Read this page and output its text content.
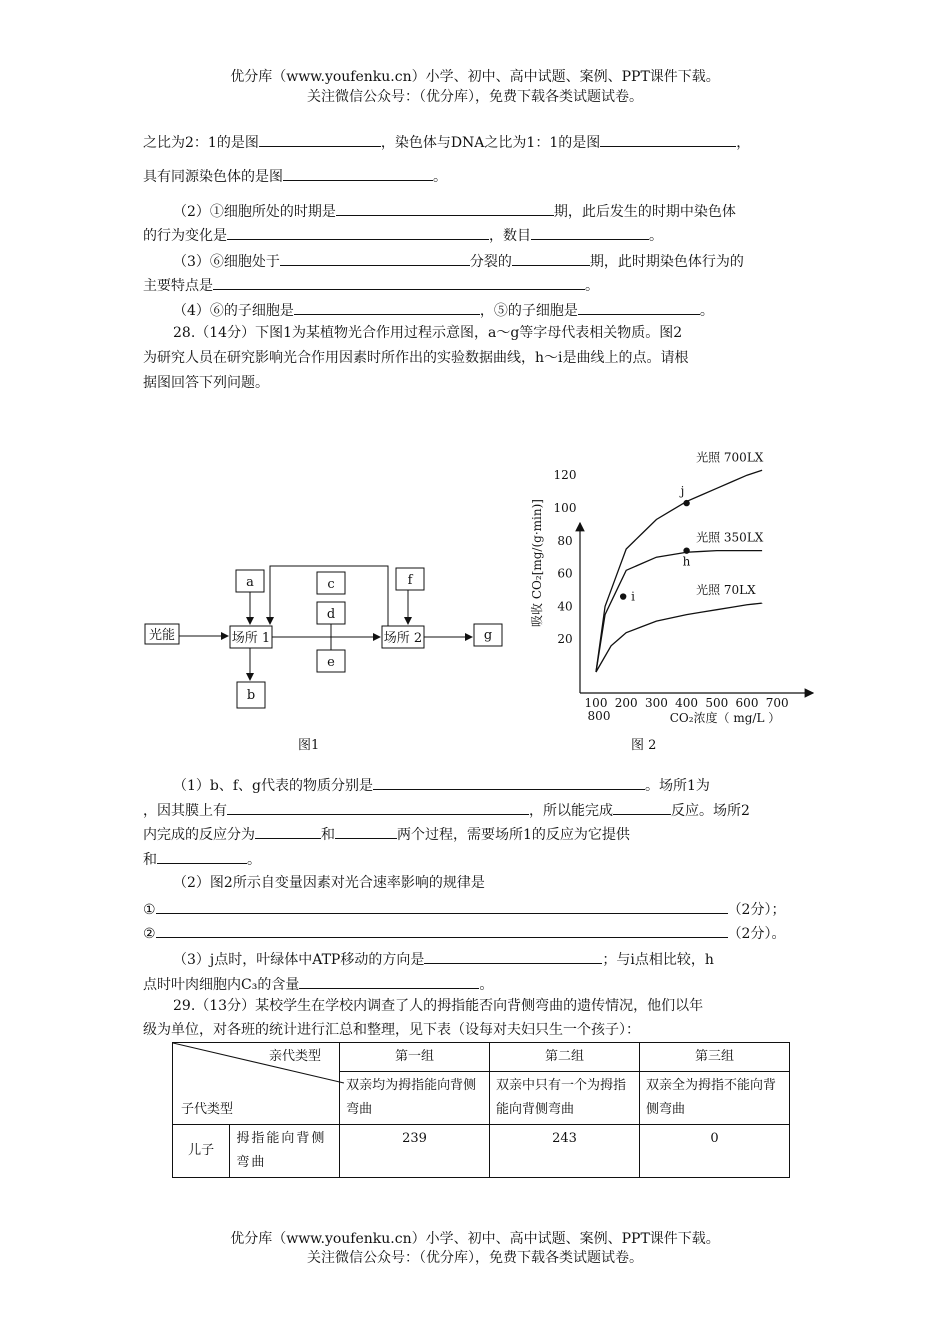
优分库（www.youfenku.cn）小学、初中、高中试题、案例、PPT课件下载。
关注微信公众号：（优分库），免费下载各类试题试卷。
之比为2：1的是图	，染色体与DNA之比为1：1的是图	，
具有同源染色体的是图	。
（2）①细胞所处的时期是	期，此后发生的时期中染色体
的行为变化是	，数目	。
（3）⑥细胞处于	分裂的	期，此时期染色体行为的
主要特点是	。
（4）⑥的子细胞是	，⑤的子细胞是	。
28.（14分）下图1为某植物光合作用过程示意图，a～g等字母代表相关物质。图2
为研究人员在研究影响光合作用因素时所作出的实验数据曲线，h～i是曲线上的点。请根
据图回答下列问题。
光能
a
场所 1
b
c
d
e
场所 2
f
g
图1
吸收 CO₂[mg/(g·min)]
CO₂浓度（ mg/L ）
800
100 200 300 400 500 600 700
20
40
60
80
100
120
光照 700LX
光照 350LX
光照 70LX
i
j
h
图 2
（1）b、f、g代表的物质分别是	。场所1为
，因其膜上有	，所以能完成	反应。场所2
内完成的反应分为	和	两个过程，需要场所1的反应为它提供
和	。
（2）图2所示自变量因素对光合速率影响的规律是
①	（2分）；
②	（2分）。
（3）j点时，叶绿体中ATP移动的方向是	；与i点相比较，h
点时叶肉细胞内C₃的含量	。
29.（13分）某校学生在学校内调查了人的拇指能否向背侧弯曲的遗传情况，他们以年
级为单位，对各班的统计进行汇总和整理，见下表（设每对夫妇只生一个孩子）：
亲代类型
子代类型		第一组	第二组	第三组
		双亲均为拇指能向背侧弯曲	双亲中只有一个为拇指能向背侧弯曲	双亲全为拇指不能向背侧弯曲
儿子	拇指能向背侧弯曲	239	243	0
优分库（www.youfenku.cn）小学、初中、高中试题、案例、PPT课件下载。
关注微信公众号：（优分库），免费下载各类试题试卷。
